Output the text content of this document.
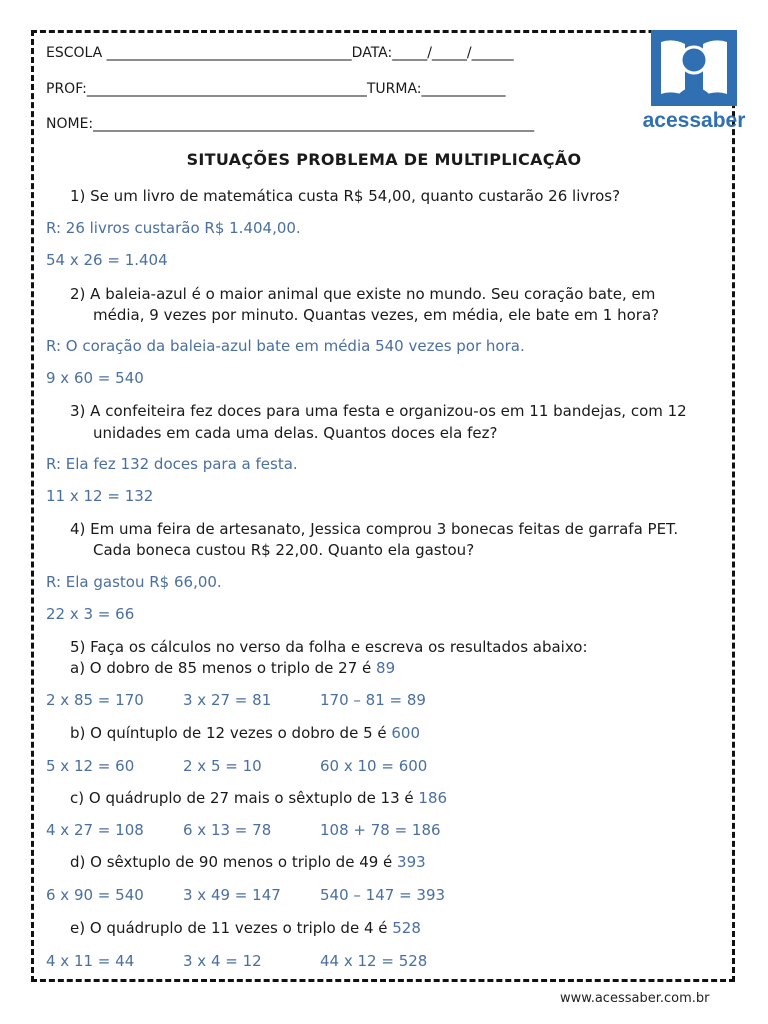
ESCOLA ___________________________________DATA:_____/_____/______
PROF:________________________________________TURMA:____________
NOME:_______________________________________________________________	acessaber
SITUAÇÕES PROBLEMA DE MULTIPLICAÇÃO
1) Se um livro de matemática custa R$ 54,00, quanto custarão 26 livros?
R: 26 livros custarão R$ 1.404,00.
54 x 26 = 1.404
2) A baleia-azul é o maior animal que existe no mundo. Seu coração bate, em
média, 9 vezes por minuto. Quantas vezes, em média, ele bate em 1 hora?
R: O coração da baleia-azul bate em média 540 vezes por hora.
9 x 60 = 540
3) A confeiteira fez doces para uma festa e organizou-os em 11 bandejas, com 12
unidades em cada uma delas. Quantos doces ela fez?
R: Ela fez 132 doces para a festa.
11 x 12 = 132
4) Em uma feira de artesanato, Jessica comprou 3 bonecas feitas de garrafa PET.
Cada boneca custou R$ 22,00. Quanto ela gastou?
R: Ela gastou R$ 66,00.
22 x 3 = 66
5) Faça os cálculos no verso da folha e escreva os resultados abaixo:
a) O dobro de 85 menos o triplo de 27 é 89
2 x 85 = 170	3 x 27 = 81	170 – 81 = 89
b) O quíntuplo de 12 vezes o dobro de 5 é 600
5 x 12 = 60	2 x 5 = 10	60 x 10 = 600
c) O quádruplo de 27 mais o sêxtuplo de 13 é 186
4 x 27 = 108	6 x 13 = 78	108 + 78 = 186
d) O sêxtuplo de 90 menos o triplo de 49 é 393
6 x 90 = 540	3 x 49 = 147	540 – 147 = 393
e) O quádruplo de 11 vezes o triplo de 4 é 528
4 x 11 = 44	3 x 4 = 12	44 x 12 = 528
www.acessaber.com.br
